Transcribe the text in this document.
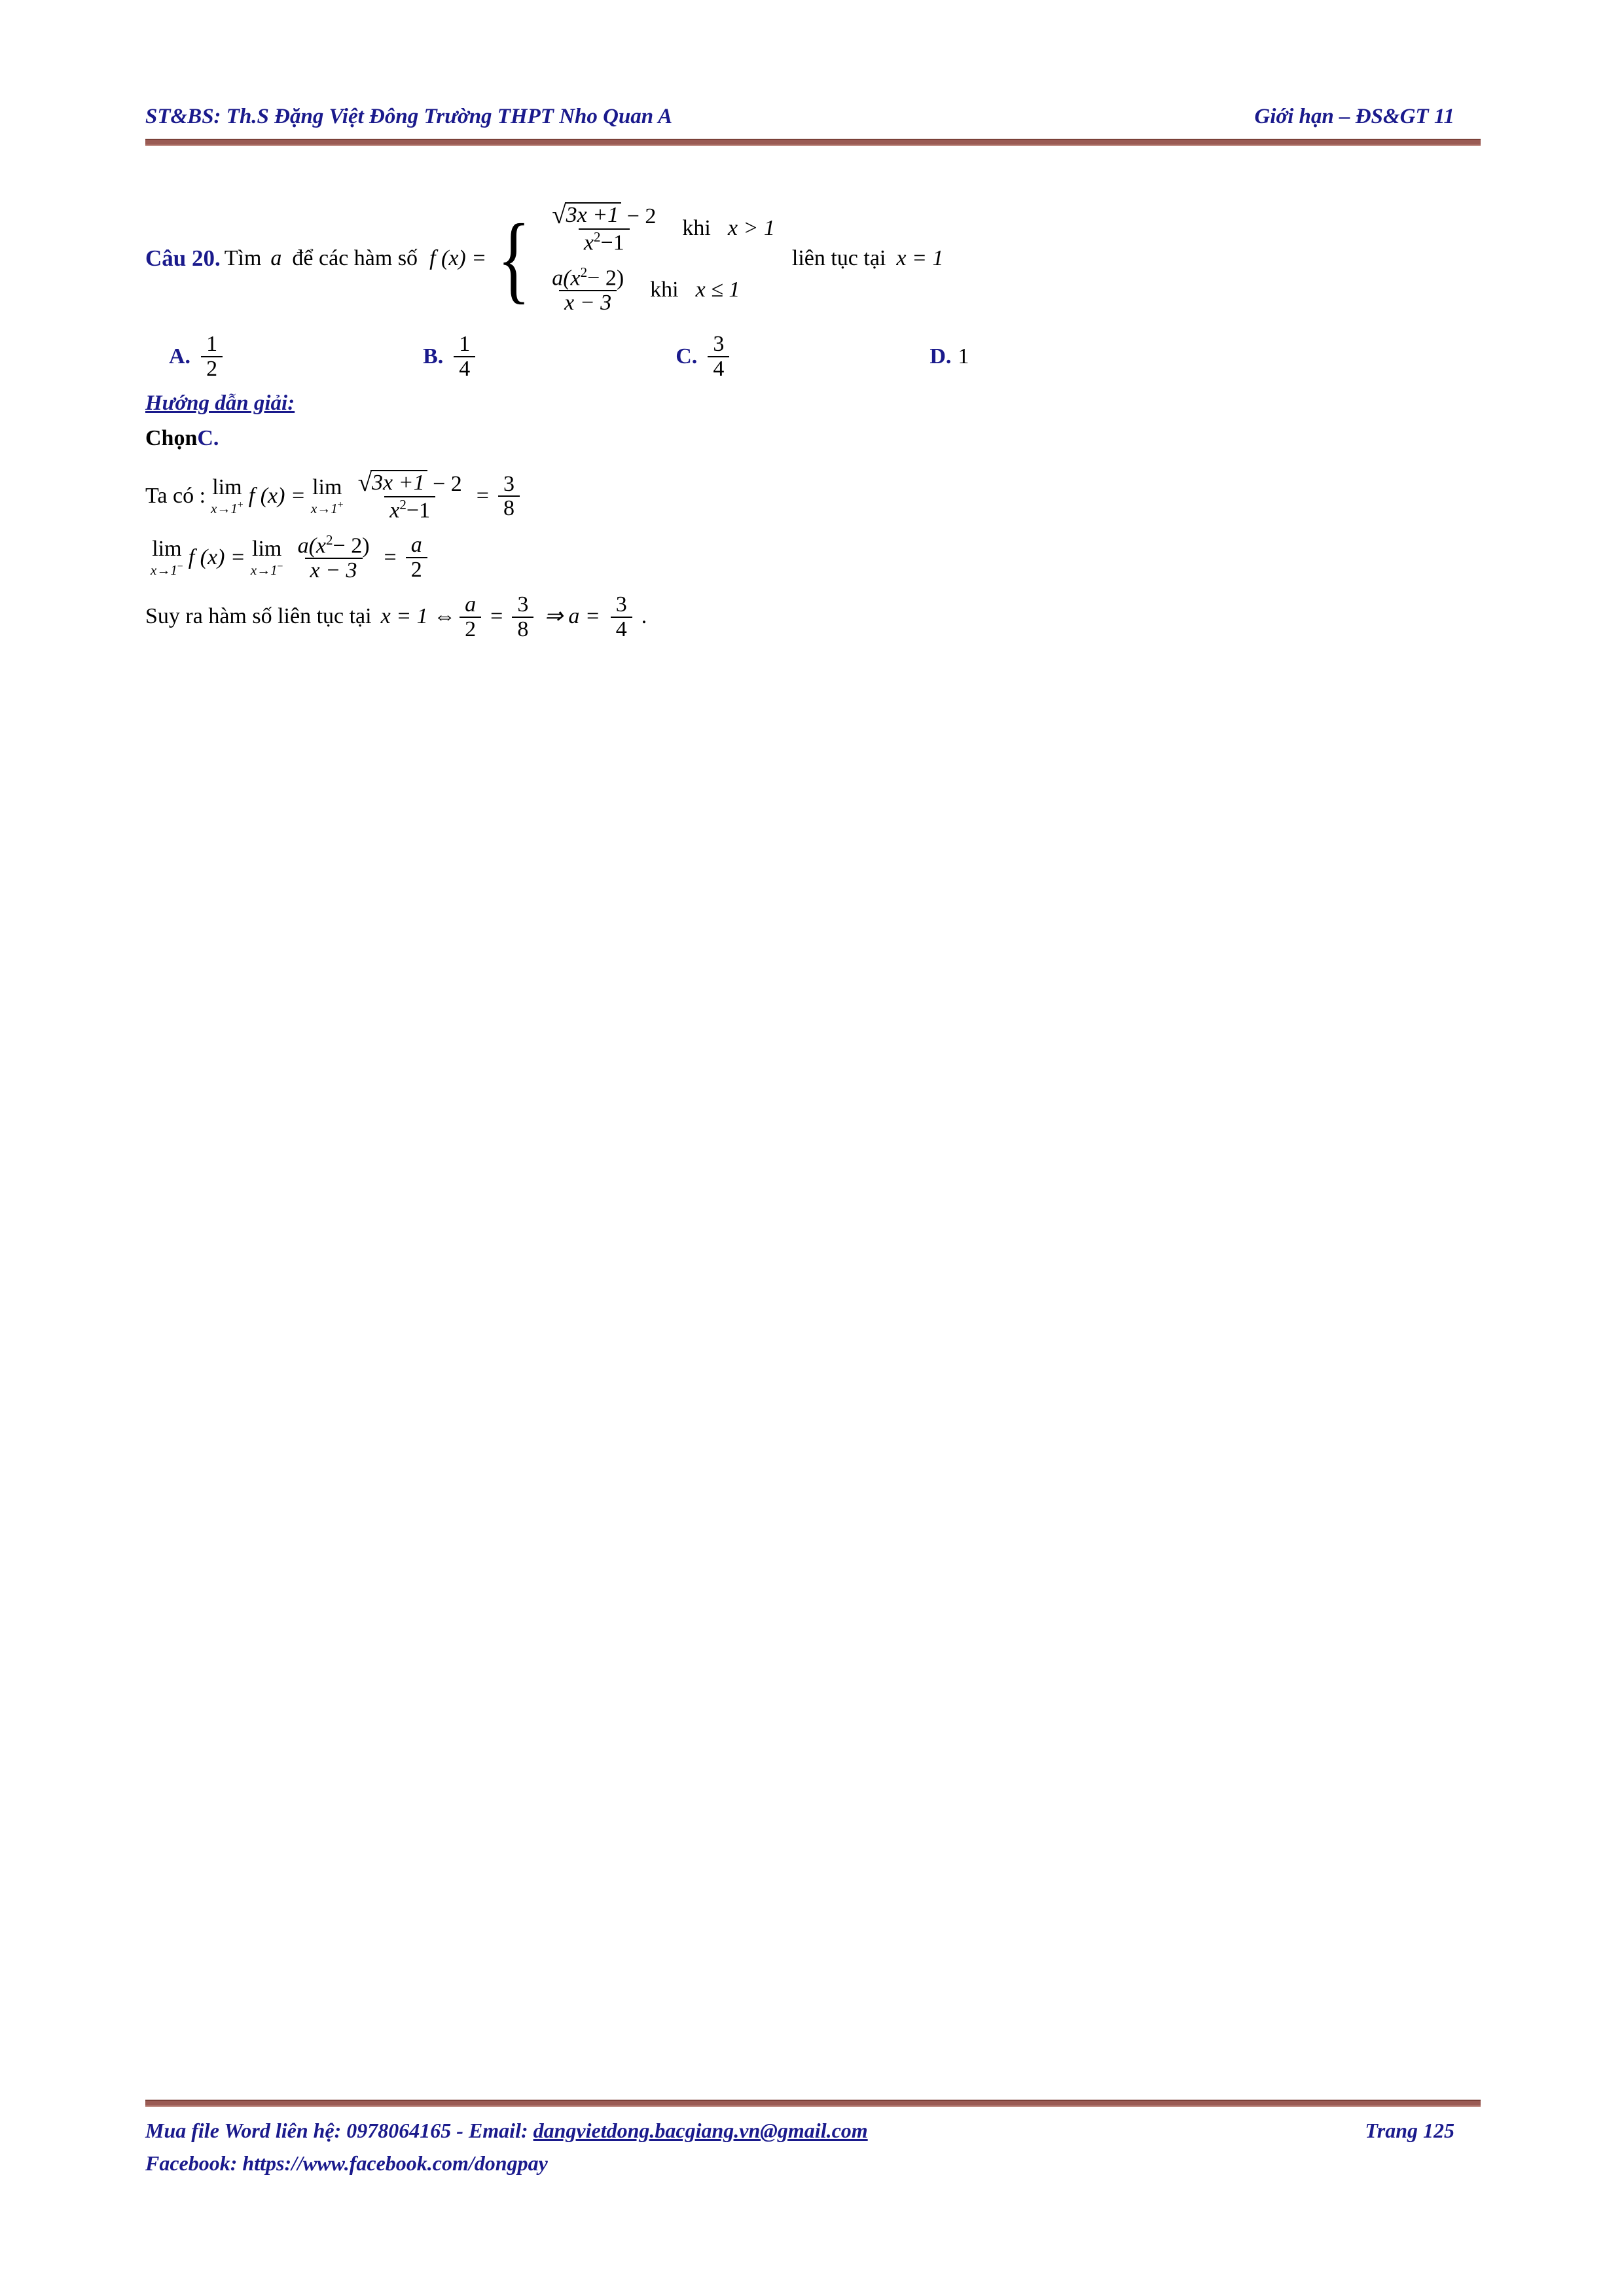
ST&BS: Th.S Đặng Việt Đông Trường THPT Nho Quan A	Giới hạn – ĐS&GT 11
Câu 20. Tìm a để các hàm số f (x) = { √ 3x +1 − 2
$x^2-1$
khi x > 1
$\frac{a(x^2- 2)}{x - 3}$ khi x ≤ 1
liên tục tại x = 1
A. $\frac{1}{2}$	B. $\frac{1}{4}$	C. $\frac{3}{4}$	D. 1
Hướng dẫn giải:
ChọnC.
Ta có : lim
x→1+ f (x) = lim
$x\to 1^+ \frac{√ 3x +1 - 2}{x^2-1} = \frac{3}{8}$
lim
x→1− f (x) = lim
$x\to 1^- \frac{a(x^2- 2)}{x - 3} = \frac{a}{2}$
Suy ra hàm số liên tục tại x = 1 ⇔ $\frac{a}{2} = \frac{3}{8}$ ⇒ $a = \frac{3}{4}$ .
Mua file Word liên hệ: 0978064165 - Email: dangvietdong.bacgiang.vn@gmail.com	Trang 125
Facebook: https://www.facebook.com/dongpay
